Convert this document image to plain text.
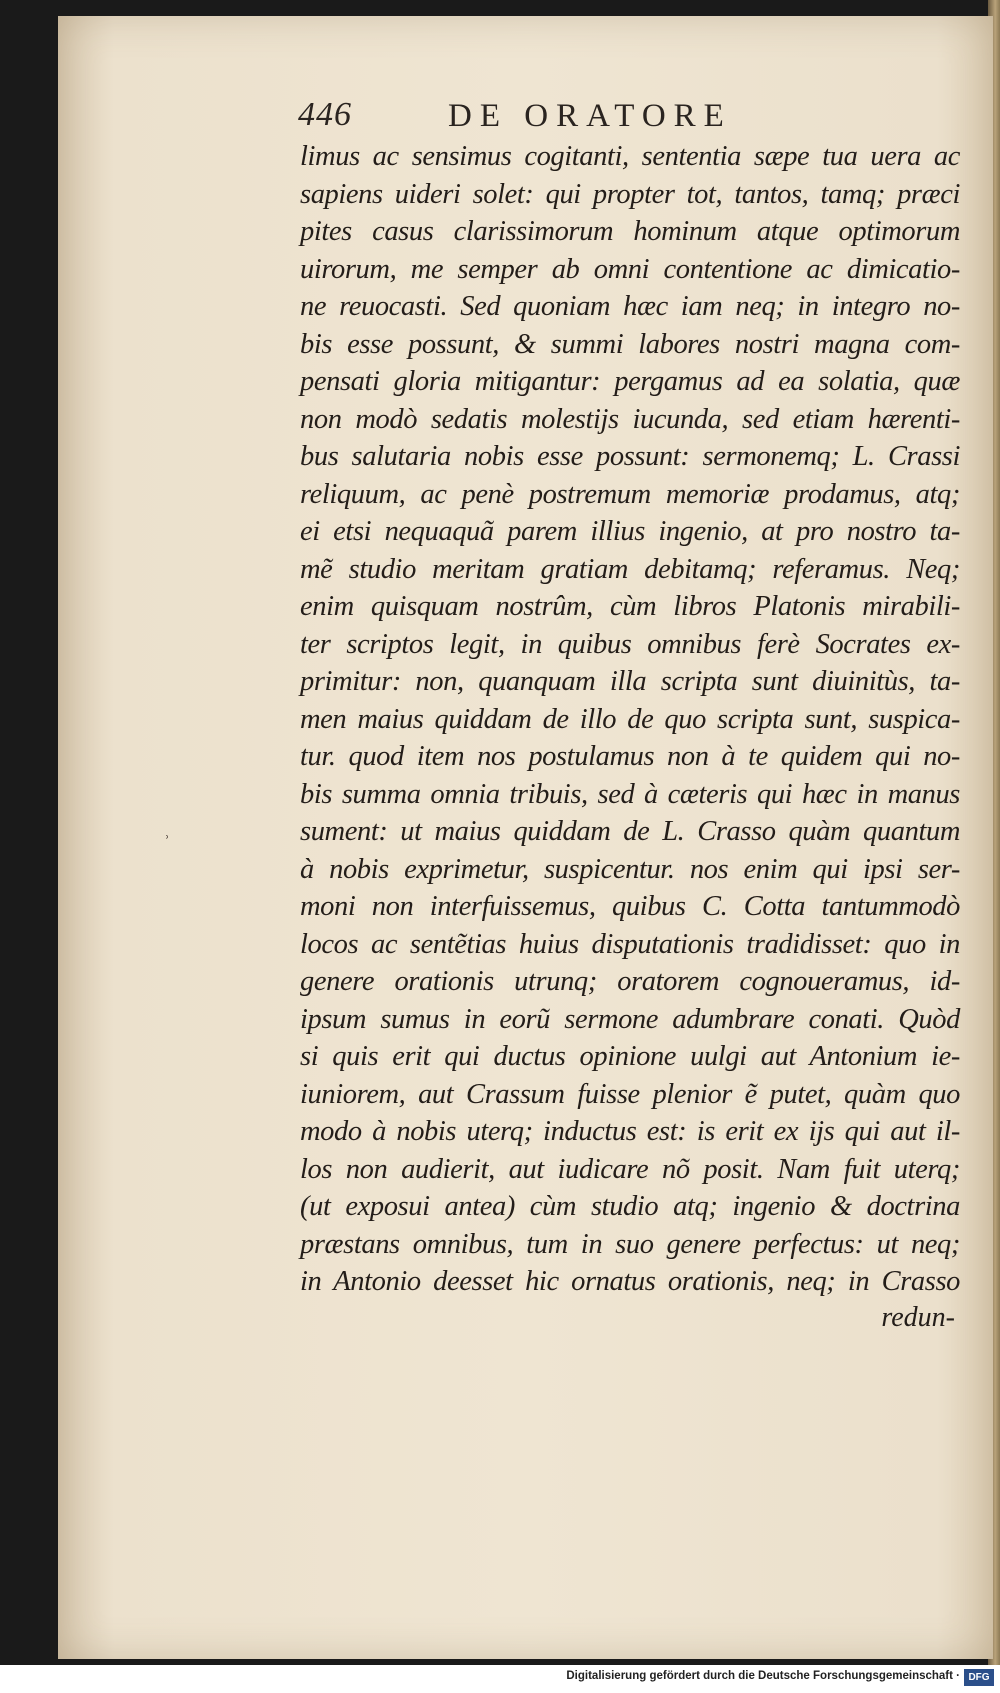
446	DE ORATORE
limus ac sensimus cogitanti, sententia sæpe tua uera ac
sapiens uideri solet: qui propter tot, tantos, tamq; præci
pites casus clarissimorum hominum atque optimorum
uirorum, me semper ab omni contentione ac dimicatio-
ne reuocasti. Sed quoniam hæc iam neq; in integro no-
bis esse possunt, & summi labores nostri magna com-
pensati gloria mitigantur: pergamus ad ea solatia, quæ
non modò sedatis molestijs iucunda, sed etiam hærenti-
bus salutaria nobis esse possunt: sermonemq; L. Crassi
reliquum, ac penè postremum memoriæ prodamus, atq;
ei etsi nequaquã parem illius ingenio, at pro nostro ta-
mẽ studio meritam gratiam debitamq; referamus. Neq;
enim quisquam nostrûm, cùm libros Platonis mirabili-
ter scriptos legit, in quibus omnibus ferè Socrates ex-
primitur: non, quanquam illa scripta sunt diuinitùs, ta-
men maius quiddam de illo de quo scripta sunt, suspica-
tur. quod item nos postulamus non à te quidem qui no-
bis summa omnia tribuis, sed à cæteris qui hæc in manus
sument: ut maius quiddam de L. Crasso quàm quantum
à nobis exprimetur, suspicentur. nos enim qui ipsi ser-
moni non interfuissemus, quibus C. Cotta tantummodò
locos ac sentẽtias huius disputationis tradidisset: quo in
genere orationis utrunq; oratorem cognoueramus, id-
ipsum sumus in eorũ sermone adumbrare conati. Quòd
si quis erit qui ductus opinione uulgi aut Antonium ie-
iuniorem, aut Crassum fuisse plenior ẽ putet, quàm quo
modo à nobis uterq; inductus est: is erit ex ijs qui aut il-
los non audierit, aut iudicare nõ posit. Nam fuit uterq;
(ut exposui antea) cùm studio atq; ingenio & doctrina
præstans omnibus, tum in suo genere perfectus: ut neq;
in Antonio deesset hic ornatus orationis, neq; in Crasso
ʾ
redun-
Digitalisierung gefördert durch die Deutsche Forschungsgemeinschaft · DFG
